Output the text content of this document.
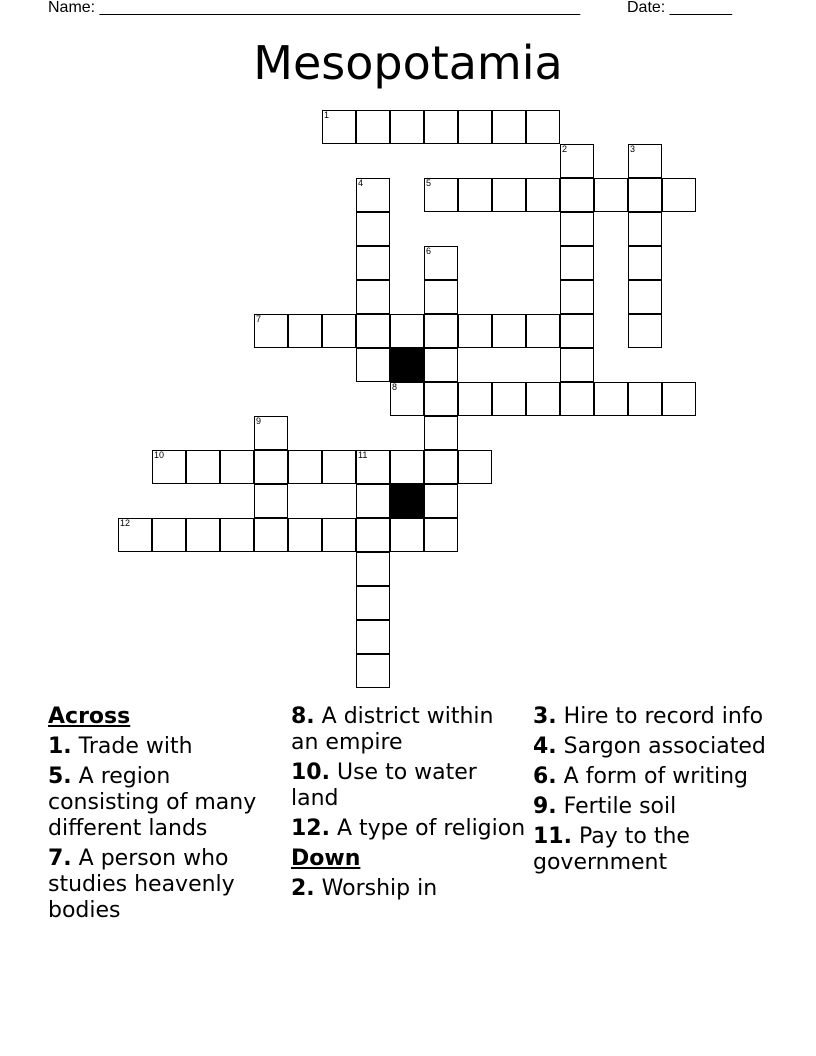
Name: ______________________________________________________	Date: _______
Mesopotamia
1
2	3
4	5
6
7
8
9
10	11
12
Across
1. Trade with
5. A region consisting of many different lands
7. A person who studies heavenly bodies
8. A district within an empire
10. Use to water land
12. A type of religion
Down
2. Worship in
3. Hire to record info
4. Sargon associated
6. A form of writing
9. Fertile soil
11. Pay to the government
